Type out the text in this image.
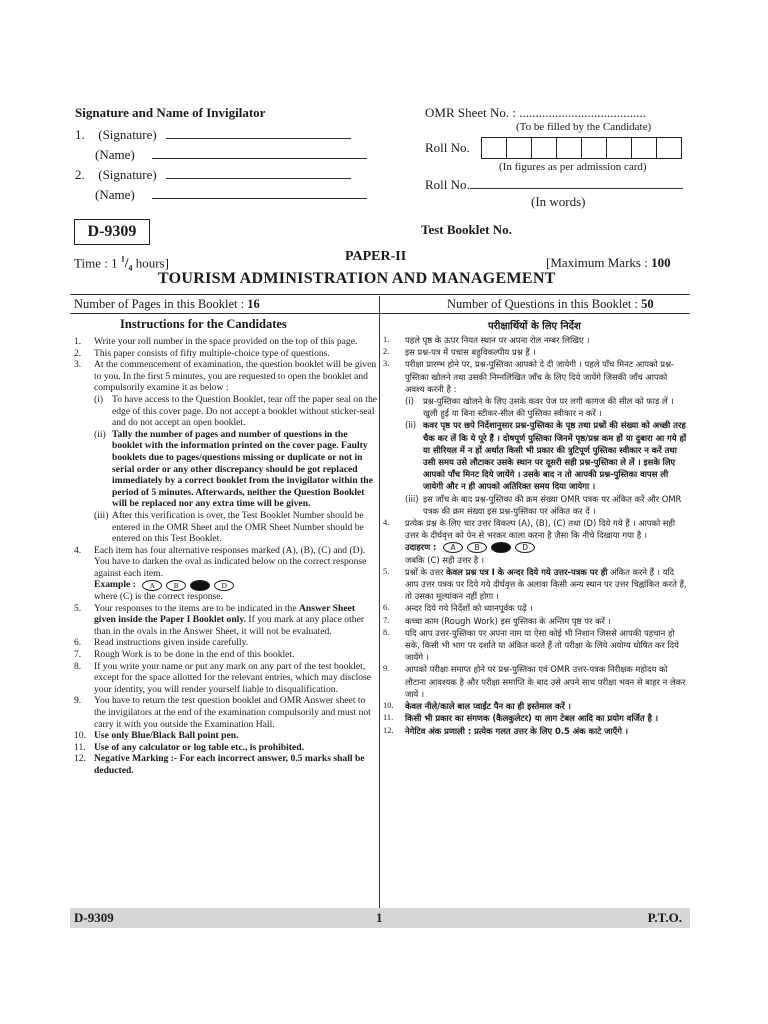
Signature and Name of Invigilator
1. (Signature)
(Name)
2. (Signature)
(Name)
OMR Sheet No. : .......................................
(To be filled by the Candidate)
Roll No.
(In figures as per admission card)
Roll No.
(In words)
D-9309	Test Booklet No.
PAPER-II
Time : 1 $^1/_4$ hours]	[Maximum Marks : 100
TOURISM ADMINISTRATION AND MANAGEMENT
Number of Pages in this Booklet : 16	Number of Questions in this Booklet : 50
Instructions for the Candidates
1.	Write your roll number in the space provided on the top of this page.
2.	This paper consists of fifty multiple-choice type of questions.
3.	At the commencement of examination, the question booklet will be given to you. In the first 5 minutes, you are requested to open the booklet and compulsorily examine it as below :
(i) To have access to the Question Booklet, tear off the paper seal on the edge of this cover page. Do not accept a booklet without sticker-seal and do not accept an open booklet.
(ii) Tally the number of pages and number of questions in the booklet with the information printed on the cover page. Faulty booklets due to pages/questions missing or duplicate or not in serial order or any other discrepancy should be got replaced immediately by a correct booklet from the invigilator within the period of 5 minutes. Afterwards, neither the Question Booklet will be replaced nor any extra time will be given.
(iii) After this verification is over, the Test Booklet Number should be entered in the OMR Sheet and the OMR Sheet Number should be entered on this Test Booklet.
4.	Each item has four alternative responses marked (A), (B), (C) and (D). You have to darken the oval as indicated below on the correct response against each item.
Example :	A	B	D
where (C) is the correct response.
5.	Your responses to the items are to be indicated in the Answer Sheet given inside the Paper I Booklet only. If you mark at any place other than in the ovals in the Answer Sheet, it will not be evaluated.
6.	Read instructions given inside carefully.
7.	Rough Work is to be done in the end of this booklet.
8.	If you write your name or put any mark on any part of the test booklet, except for the space allotted for the relevant entries, which may disclose your identity, you will render yourself liable to disqualification.
9.	You have to return the test question booklet and OMR Answer sheet to the invigilators at the end of the examination compulsorily and must not carry it with you outside the Examination Hall.
10. Use only Blue/Black Ball point pen.
11. Use of any calculator or log table etc., is prohibited.
12. Negative Marking :- For each incorrect answer, 0.5 marks shall be deducted.
परीक्षार्थियों के लिए निर्देश
1.	पहले पृष्ठ के ऊपर नियत स्थान पर अपना रोल नम्बर लिखिए ।
2.	इस प्रश्न-पत्र में पचास बहुविकल्पीय प्रश्न हैं ।
3.	परीक्षा प्रारम्भ होने पर, प्रश्न-पुस्तिका आपको दे दी जायेगी । पहले पाँच मिनट आपको प्रश्न-पुस्तिका खोलने तथा उसकी निम्नलिखित जाँच के लिए दिये जायेंगे जिसकी जाँच आपको अवश्य करनी है :
(i) प्रश्न-पुस्तिका खोलने के लिए उसके कवर पेज पर लगी कागज की सील को फाड़ लें । खुली हुई या बिना स्टीकर-सील की पुस्तिका स्वीकार न करें ।
(ii) कवर पृष्ठ पर छपे निर्देशानुसार प्रश्न-पुस्तिका के पृष्ठ तथा प्रश्नों की संख्या को अच्छी तरह चैक कर लें कि ये पूरे हैं । दोषपूर्ण पुस्तिका जिनमें पृष्ठ/प्रश्न कम हों या दुबारा आ गये हों या सीरियल में न हों अर्थात किसी भी प्रकार की त्रुटिपूर्ण पुस्तिका स्वीकार न करें तथा उसी समय उसे लौटाकर उसके स्थान पर दूसरी सही प्रश्न-पुस्तिका ले लें । इसके लिए आपको पाँच मिनट दिये जायेंगे । उसके बाद न तो आपकी प्रश्न-पुस्तिका वापस ली जायेगी और न ही आपको अतिरिक्त समय दिया जायेगा ।
(iii) इस जाँच के बाद प्रश्न-पुस्तिका की क्रम संख्या OMR पत्रक पर अंकित करें और OMR पत्रक की क्रम संख्या इस प्रश्न-पुस्तिका पर अंकित कर दें ।
4.	प्रत्येक प्रश्न के लिए चार उत्तर विकल्प (A), (B), (C) तथा (D) दिये गये हैं । आपको सही उत्तर के दीर्घवृत्त को पेन से भरकर काला करना है जैसा कि नीचे दिखाया गया है ।
उदाहरण :	A	B	D
जबकि (C) सही उत्तर है ।
5.	प्रश्नों के उत्तर केवल प्रश्न पत्र I के अन्दर दिये गये उत्तर-पत्रक पर ही अंकित करने हैं । यदि आप उत्तर पत्रक पर दिये गये दीर्घवृत्त के अलावा किसी अन्य स्थान पर उत्तर चिह्नांकित करते हैं, तो उसका मूल्यांकन नहीं होगा ।
6.	अन्दर दिये गये निर्देशों को ध्यानपूर्वक पढ़ें ।
7.	कच्चा काम (Rough Work) इस पुस्तिका के अन्तिम पृष्ठ पर करें ।
8.	यदि आप उत्तर-पुस्तिका पर अपना नाम या ऐसा कोई भी निशान जिससे आपकी पहचान हो सके, किसी भी भाग पर दर्शाते या अंकित करते हैं तो परीक्षा के लिये अयोग्य घोषित कर दिये जायेंगे ।
9.	आपको परीक्षा समाप्त होने पर प्रश्न-पुस्तिका एवं OMR उत्तर-पत्रक निरीक्षक महोदय को लौटाना आवश्यक है और परीक्षा समाप्ति के बाद उसे अपने साथ परीक्षा भवन से बाहर न लेकर जायें ।
10.	केवल नीले/काले बाल प्वाईंट पैन का ही इस्तेमाल करें ।
11.	किसी भी प्रकार का संगणक (कैलकुलेटर) या लाग टेबल आदि का प्रयोग वर्जित है ।
12.	नेगेटिव अंक प्रणाली : प्रत्येक गलत उत्तर के लिए 0.5 अंक काटे जाएँगे ।
D-9309	1	P.T.O.
